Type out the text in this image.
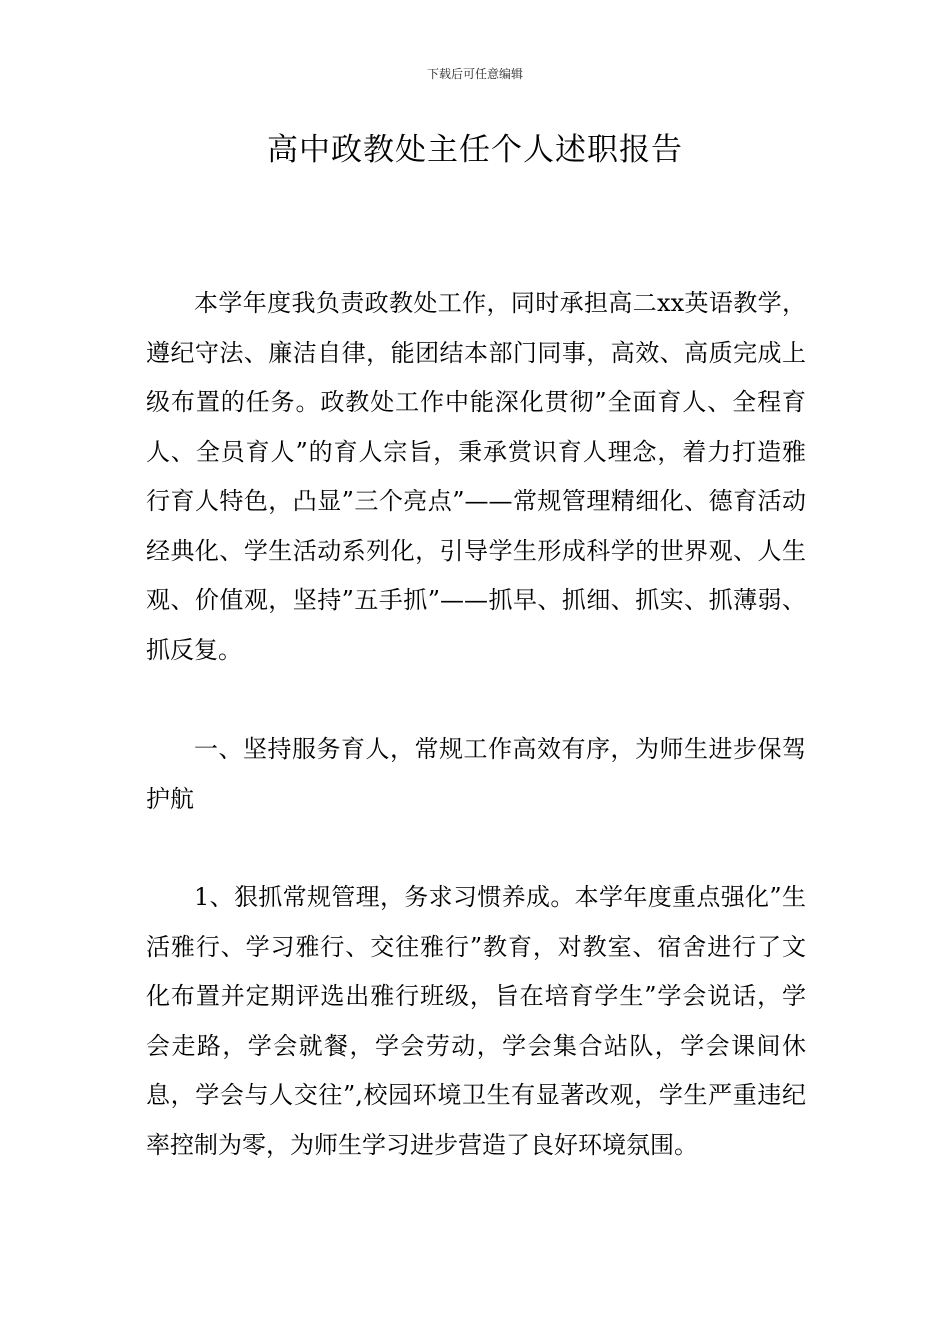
下载后可任意编辑
高中政教处主任个人述职报告

本学年度我负责政教处工作，同时承担高二xx英语教学，遵纪守法、廉洁自律，能团结本部门同事，高效、高质完成上级布置的任务。政教处工作中能深化贯彻”全面育人、全程育人、全员育人”的育人宗旨，秉承赏识育人理念，着力打造雅行育人特色，凸显”三个亮点”——常规管理精细化、德育活动经典化、学生活动系列化，引导学生形成科学的世界观、人生观、价值观，坚持”五手抓”——抓早、抓细、抓实、抓薄弱、抓反复。

一、坚持服务育人，常规工作高效有序，为师生进步保驾护航

1、狠抓常规管理，务求习惯养成。本学年度重点强化”生活雅行、学习雅行、交往雅行”教育，对教室、宿舍进行了文化布置并定期评选出雅行班级，旨在培育学生”学会说话，学会走路，学会就餐，学会劳动，学会集合站队，学会课间休息，学会与人交往”,校园环境卫生有显著改观，学生严重违纪率控制为零，为师生学习进步营造了良好环境氛围。
